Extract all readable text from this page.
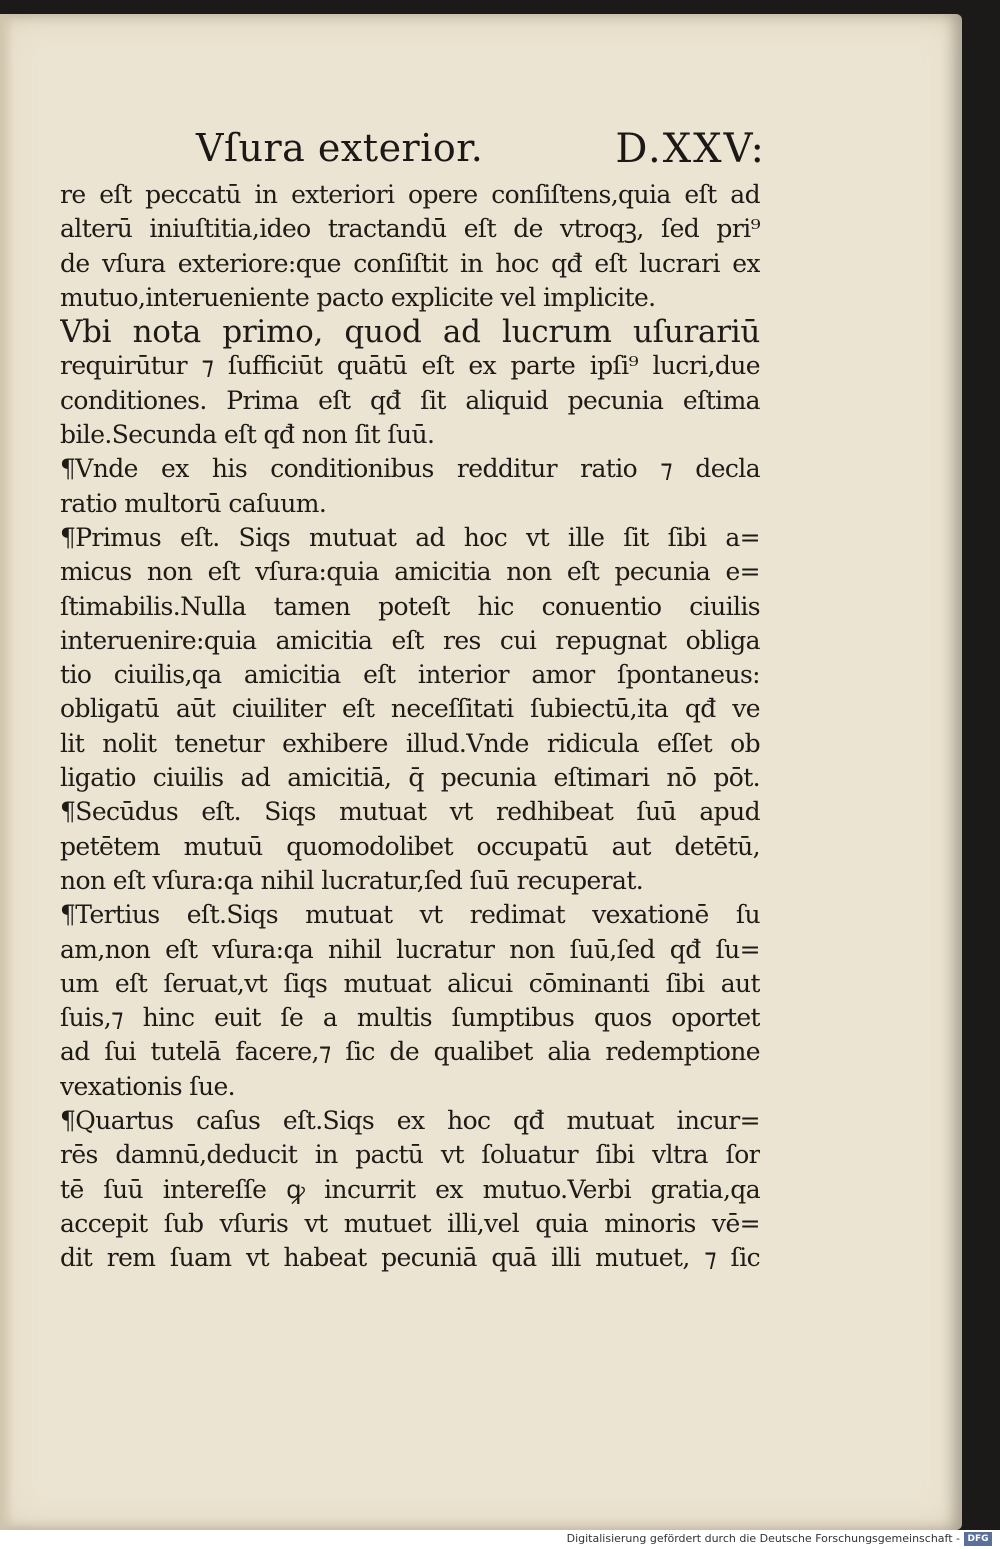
Vſura exterior.	D.XXV:
re eſt peccatū in exteriori opere conſiſtens,quia eſt ad
alterū iniuſtitia,ideo tractandū eſt de vtroqꝫ, ſed pri⁹
de vſura exteriore:que conſiſtit in hoc qđ eſt lucrari ex
mutuo,interueniente pacto explicite vel implicite.
Vbi nota primo, quod ad lucrum uſurariū
requirūtur ⁊ ſufficiūt quātū eſt ex parte ipſi⁹ lucri,due
conditiones. Prima eſt qđ ſit aliquid pecunia eſtima
bile.Secunda eſt qđ non ſit ſuū.
¶Vnde ex his conditionibus redditur ratio ⁊ decla
ratio multorū caſuum.
¶Primus eſt. Siqs mutuat ad hoc vt ille ſit ſibi a=
micus non eſt vſura:quia amicitia non eſt pecunia e=
ſtimabilis.Nulla tamen poteſt hic conuentio ciuilis
interuenire:quia amicitia eſt res cui repugnat obliga
tio ciuilis,qa amicitia eſt interior amor ſpontaneus:
obligatū aūt ciuiliter eſt neceſſitati ſubiectū,ita qđ ve
lit nolit tenetur exhibere illud.Vnde ridicula eſſet ob
ligatio ciuilis ad amicitiā, q̄ pecunia eſtimari nō pōt.
¶Secūdus eſt. Siqs mutuat vt redhibeat ſuū apud
petētem mutuū quomodolibet occupatū aut detētū,
non eſt vſura:qa nihil lucratur,ſed ſuū recuperat.
¶Tertius eſt.Siqs mutuat vt redimat vexationē ſu
am,non eſt vſura:qa nihil lucratur non ſuū,ſed qđ ſu=
um eſt ſeruat,vt ſiqs mutuat alicui cōminanti ſibi aut
ſuis,⁊ hinc euit ſe a multis ſumptibus quos oportet
ad ſui tutelā facere,⁊ ſic de qualibet alia redemptione
vexationis ſue.
¶Quartus caſus eſt.Siqs ex hoc qđ mutuat incur=
rēs damnū,deducit in pactū vt ſoluatur ſibi vltra ſor
tē ſuū intereſſe ꝙ incurrit ex mutuo.Verbi gratia,qa
accepit ſub vſuris vt mutuet illi,vel quia minoris vē=
dit rem ſuam vt habeat pecuniā quā illi mutuet, ⁊ ſic
Digitalisierung gefördert durch die Deutsche Forschungsgemeinschaft - DFG
